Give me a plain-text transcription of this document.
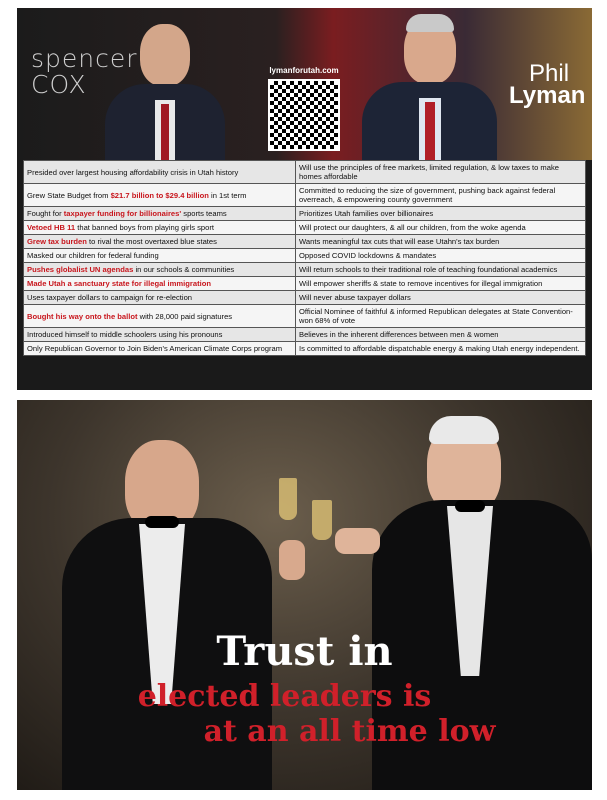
spencer
COX	lymanforutah.com	Phil
Lyman
Presided over largest housing affordability crisis in Utah history	Will use the principles of free markets, limited regulation, & low taxes to make homes affordable
Grew State Budget from $21.7 billion to $29.4 billion in 1st term	Committed to reducing the size of government, pushing back against federal overreach, & empowering county government
Fought for taxpayer funding for billionaires' sports teams	Prioritizes Utah families over billionaires
Vetoed HB 11 that banned boys from playing girls sport	Will protect our daughters, & all our children, from the woke agenda
Grew tax burden to rival the most overtaxed blue states	Wants meaningful tax cuts that will ease Utahn's tax burden
Masked our children for federal funding	Opposed COVID lockdowns & mandates
Pushes globalist UN agendas in our schools & communities	Will return schools to their traditional role of teaching foundational academics
Made Utah a sanctuary state for illegal immigration	Will empower sheriffs & state to remove incentives for illegal immigration
Uses taxpayer dollars to campaign for re-election	Will never abuse taxpayer dollars
Bought his way onto the ballot with 28,000 paid signatures	Official Nominee of faithful & informed Republican delegates at State Convention- won 68% of vote
Introduced himself to middle schoolers using his pronouns	Believes in the inherent differences between men & women
Only Republican Governor to Join Biden's American Climate Corps program	Is committed to affordable dispatchable energy & making Utah energy independent.
Trust in
elected leaders is
at an all time low
